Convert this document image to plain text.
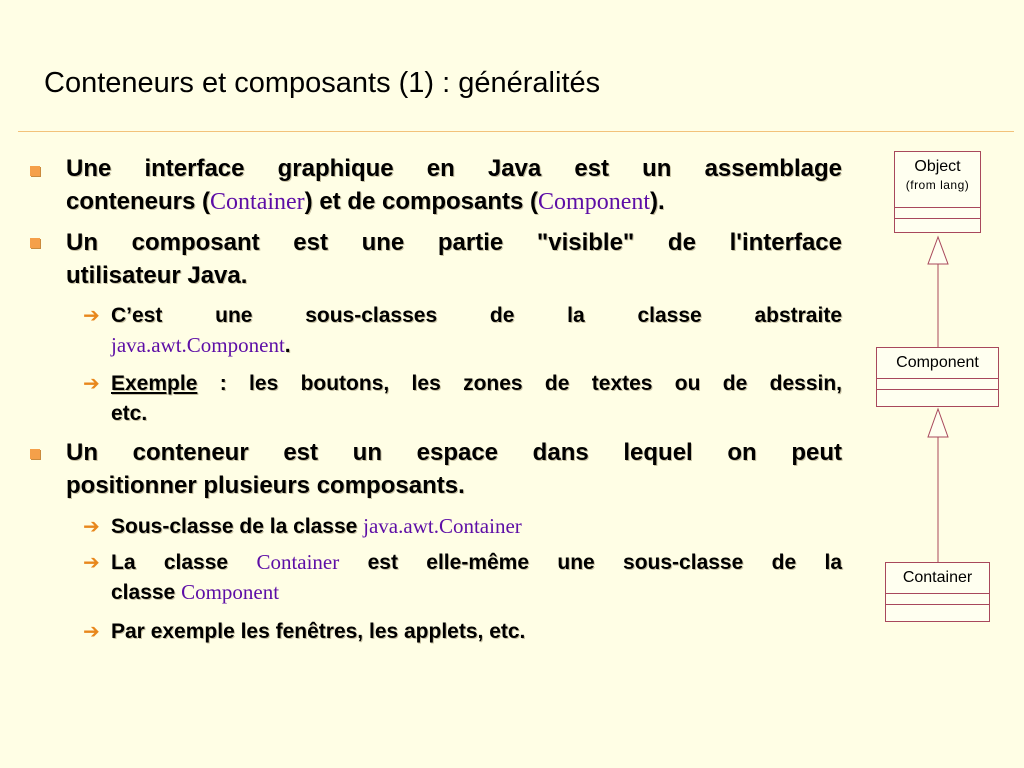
Conteneurs et composants (1) : généralités
Une interface graphique en Java est un assemblage
conteneurs (Container) et de composants (Component).
Un composant est une partie "visible" de l'interface
utilisateur Java.
➔ C’est une sous-classes de la classe abstraite
java.awt.Component.
➔ Exemple : les boutons, les zones de textes ou de dessin,
etc.
Un conteneur est un espace dans lequel on peut
positionner plusieurs composants.
➔ Sous-classe de la classe java.awt.Container
➔ La classe Container est elle-même une sous-classe de la
classe Component
➔ Par exemple les fenêtres, les applets, etc.
Object
(from lang)
Component
Container
